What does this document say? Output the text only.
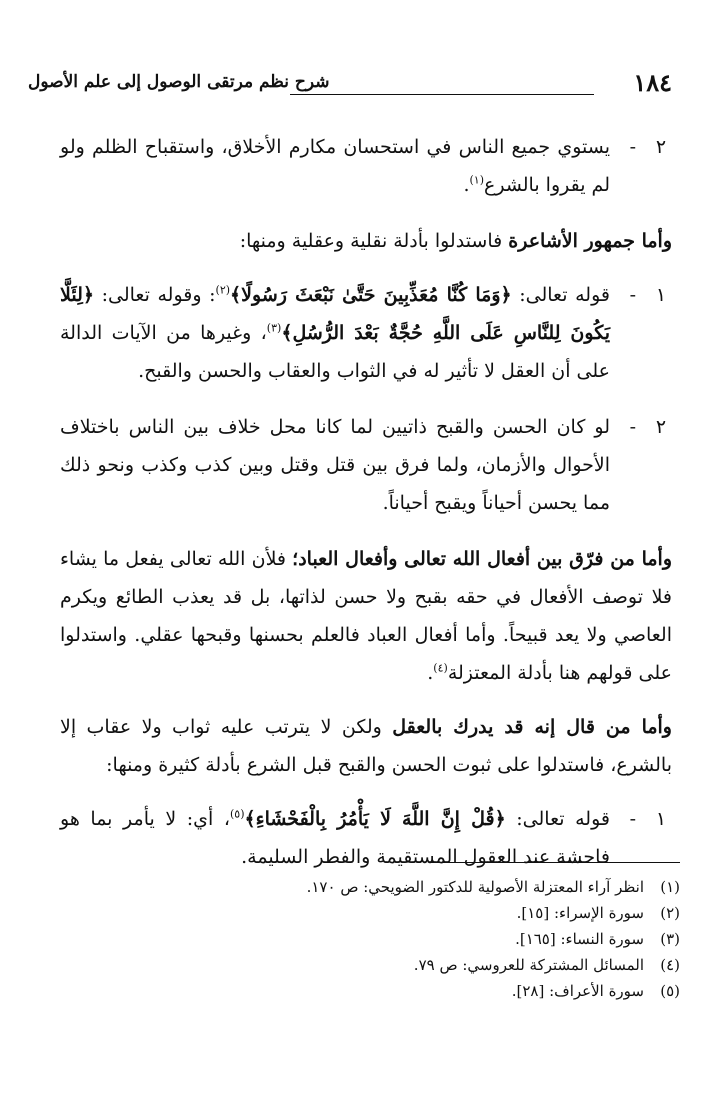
١٨٤
شرح نظم مرتقى الوصول إلى علم الأصول
٢
-
يستوي جميع الناس في استحسان مكارم الأخلاق، واستقباح الظلم ولو لم يقروا بالشرع$^{(١)}$.

وأما جمهور الأشاعرة فاستدلوا بأدلة نقلية وعقلية ومنها:

١
-
قوله تعالى: ﴿وَمَا كُنَّا مُعَذِّبِينَ حَتَّىٰ نَبْعَثَ رَسُولًا﴾$^{(٢)}$: وقوله تعالى: ﴿لِئَلَّا يَكُونَ لِلنَّاسِ عَلَى اللَّهِ حُجَّةٌ بَعْدَ الرُّسُلِ﴾$^{(٣)}$، وغيرها من الآيات الدالة على أن العقل لا تأثير له في الثواب والعقاب والحسن والقبح.
٢
-
لو كان الحسن والقبح ذاتيين لما كانا محل خلاف بين الناس باختلاف الأحوال والأزمان، ولما فرق بين قتل وقتل وبين كذب وكذب ونحو ذلك مما يحسن أحياناً ويقبح أحياناً.

وأما من فرّق بين أفعال الله تعالى وأفعال العباد؛ فلأن الله تعالى يفعل ما يشاء فلا توصف الأفعال في حقه بقبح ولا حسن لذاتها، بل قد يعذب الطائع ويكرم العاصي ولا يعد قبيحاً. وأما أفعال العباد فالعلم بحسنها وقبحها عقلي. واستدلوا على قولهم هنا بأدلة المعتزلة$^{(٤)}$.

وأما من قال إنه قد يدرك بالعقل ولكن لا يترتب عليه ثواب ولا عقاب إلا بالشرع، فاستدلوا على ثبوت الحسن والقبح قبل الشرع بأدلة كثيرة ومنها:

١
-
قوله تعالى: ﴿قُلْ إِنَّ اللَّهَ لَا يَأْمُرُ بِالْفَحْشَاءِ﴾$^{(٥)}$، أي: لا يأمر بما هو فاحشة عند العقول المستقيمة والفطر السليمة.
(١)
انظر آراء المعتزلة الأصولية للدكتور الضويحي: ص ١٧٠.
(٢)
سورة الإسراء: [١٥].
(٣)
سورة النساء: [١٦٥].
(٤)
المسائل المشتركة للعروسي: ص ٧٩.
(٥)
سورة الأعراف: [٢٨].
